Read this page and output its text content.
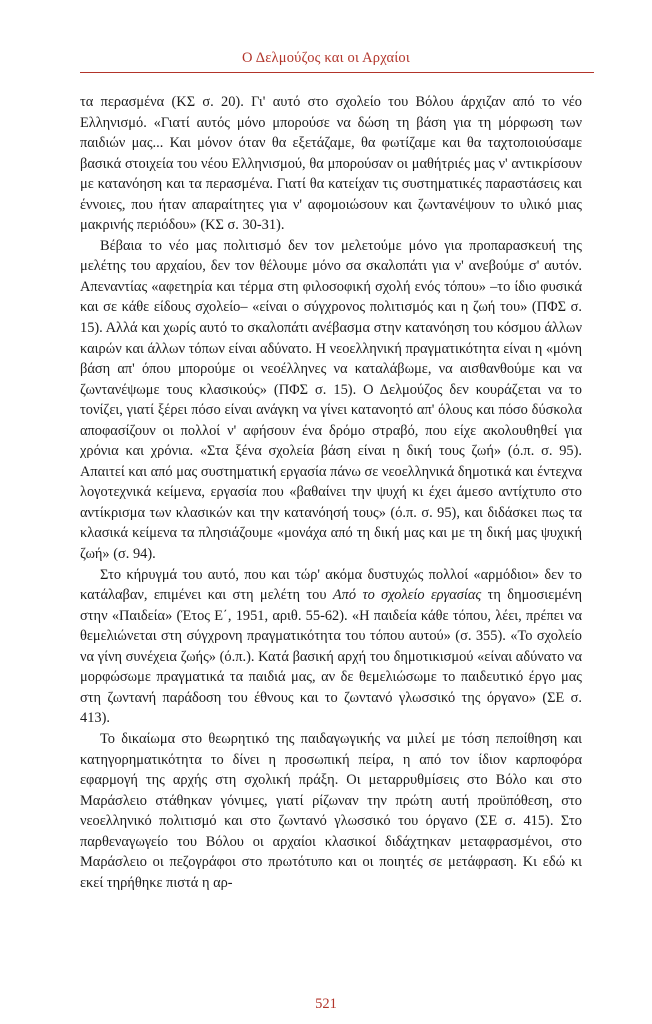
Ο Δελμούζος και οι Αρχαίοι

τα περασμένα (ΚΣ σ. 20). Γι' αυτό στο σχολείο του Βόλου άρχιζαν από το νέο Ελληνισμό. «Γιατί αυτός μόνο μπορούσε να δώση τη βάση για τη μόρφωση των παιδιών μας... Και μόνον όταν θα εξετάζαμε, θα φωτίζαμε και θα ταχτοποιούσαμε βασικά στοιχεία του νέου Ελληνισμού, θα μπορούσαν οι μαθήτριές μας ν' αντικρίσουν με κατανόηση και τα περασμένα. Γιατί θα κατείχαν τις συστηματικές παραστάσεις και έννοιες, που ήταν απαραίτητες για ν' αφομοιώσουν και ζωντανέψουν το υλικό μιας μακρινής περιόδου» (ΚΣ σ. 30-31).

Βέβαια το νέο μας πολιτισμό δεν τον μελετούμε μόνο για προπαρασκευή της μελέτης του αρχαίου, δεν τον θέλουμε μόνο σα σκαλοπάτι για ν' ανεβούμε σ' αυτόν. Απεναντίας «αφετηρία και τέρμα στη φιλοσοφική σχολή ενός τόπου» –το ίδιο φυσικά και σε κάθε είδους σχολείο– «είναι ο σύγχρονος πολιτισμός και η ζωή του» (ΠΦΣ σ. 15). Αλλά και χωρίς αυτό το σκαλοπάτι ανέβασμα στην κατανόηση του κόσμου άλλων καιρών και άλλων τόπων είναι αδύνατο. Η νεοελληνική πραγματικότητα είναι η «μόνη βάση απ' όπου μπορούμε οι νεοέλληνες να καταλάβωμε, να αισθανθούμε και να ζωντανέψωμε τους κλασικούς» (ΠΦΣ σ. 15). Ο Δελμούζος δεν κουράζεται να το τονίζει, γιατί ξέρει πόσο είναι ανάγκη να γίνει κατανοητό απ' όλους και πόσο δύσκολα αποφασίζουν οι πολλοί ν' αφήσουν ένα δρόμο στραβό, που είχε ακολουθηθεί για χρόνια και χρόνια. «Στα ξένα σχολεία βάση είναι η δική τους ζωή» (ό.π. σ. 95). Απαιτεί και από μας συστηματική εργασία πάνω σε νεοελληνικά δημοτικά και έντεχνα λογοτεχνικά κείμενα, εργασία που «βαθαίνει την ψυχή κι έχει άμεσο αντίχτυπο στο αντίκρισμα των κλασικών και την κατανόησή τους» (ό.π. σ. 95), και διδάσκει πως τα κλασικά κείμενα τα πλησιάζουμε «μονάχα από τη δική μας και με τη δική μας ψυχική ζωή» (σ. 94).

Στο κήρυγμά του αυτό, που και τώρ' ακόμα δυστυχώς πολλοί «αρμόδιοι» δεν το κατάλαβαν, επιμένει και στη μελέτη του Από το σχολείο εργασίας τη δημοσιεμένη στην «Παιδεία» (Έτος Ε΄, 1951, αριθ. 55-62). «Η παιδεία κάθε τόπου, λέει, πρέπει να θεμελιώνεται στη σύγχρονη πραγματικότητα του τόπου αυτού» (σ. 355). «Το σχολείο να γίνη συνέχεια ζωής» (ό.π.). Κατά βασική αρχή του δημοτικισμού «είναι αδύνατο να μορφώσωμε πραγματικά τα παιδιά μας, αν δε θεμελιώσωμε το παιδευτικό έργο μας στη ζωντανή παράδοση του έθνους και το ζωντανό γλωσσικό της όργανο» (ΣΕ σ. 413).

Το δικαίωμα στο θεωρητικό της παιδαγωγικής να μιλεί με τόση πεποίθηση και κατηγορηματικότητα το δίνει η προσωπική πείρα, η από τον ίδιον καρποφόρα εφαρμογή της αρχής στη σχολική πράξη. Οι μεταρρυθμίσεις στο Βόλο και στο Μαράσλειο στάθηκαν γόνιμες, γιατί ρίζωναν την πρώτη αυτή προϋπόθεση, στο νεοελληνικό πολιτισμό και στο ζωντανό γλωσσικό του όργανο (ΣΕ σ. 415). Στο παρθεναγωγείο του Βόλου οι αρχαίοι κλασικοί διδάχτηκαν μεταφρασμένοι, στο Μαράσλειο οι πεζογράφοι στο πρωτότυπο και οι ποιητές σε μετάφραση. Κι εδώ κι εκεί τηρήθηκε πιστά η αρ-

521
